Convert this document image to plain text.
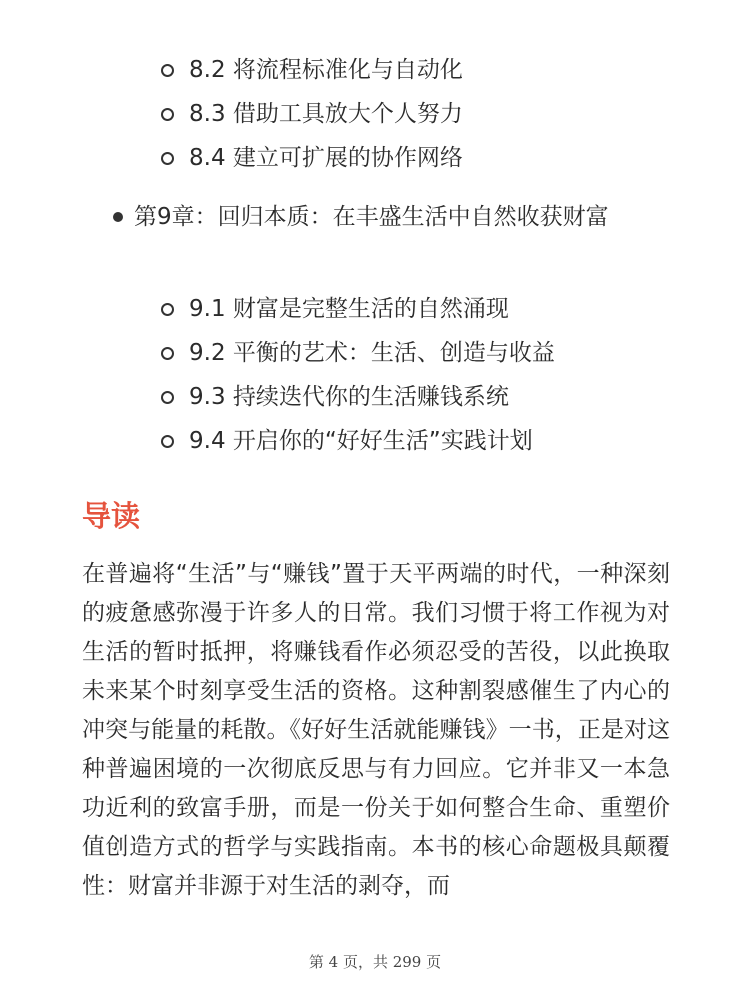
8.2 将流程标准化与自动化
8.3 借助工具放大个人努力
8.4 建立可扩展的协作网络
第9章：回归本质：在丰盛生活中自然收获财富
9.1 财富是完整生活的自然涌现
9.2 平衡的艺术：生活、创造与收益
9.3 持续迭代你的生活赚钱系统
9.4 开启你的“好好生活”实践计划
导读

在普遍将“生活”与“赚钱”置于天平两端的时代，一种深刻的疲惫感弥漫于许多人的日常。我们习惯于将工作视为对生活的暂时抵押，将赚钱看作必须忍受的苦役，以此换取未来某个时刻享受生活的资格。这种割裂感催生了内心的冲突与能量的耗散。《好好生活就能赚钱》一书，正是对这种普遍困境的一次彻底反思与有力回应。它并非又一本急功近利的致富手册，而是一份关于如何整合生命、重塑价值创造方式的哲学与实践指南。本书的核心命题极具颠覆性：财富并非源于对生活的剥夺，而

第 4 页，共 299 页
